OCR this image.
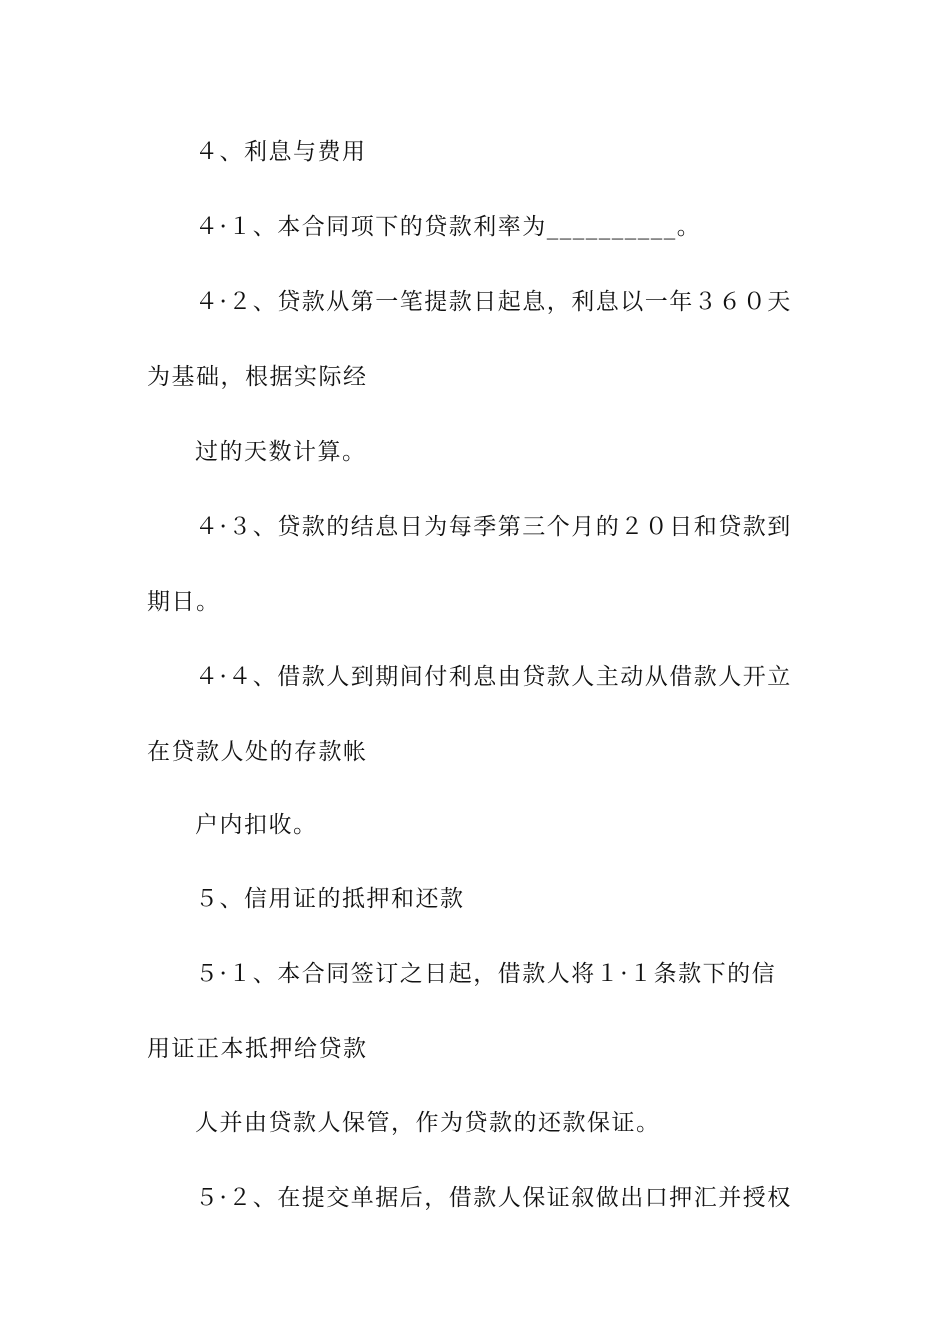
４、利息与费用
４·１、本合同项下的贷款利率为__________。
４·２、贷款从第一笔提款日起息，利息以一年３６０天
为基础，根据实际经
过的天数计算。
４·３、贷款的结息日为每季第三个月的２０日和贷款到
期日。
４·４、借款人到期间付利息由贷款人主动从借款人开立
在贷款人处的存款帐
户内扣收。
５、信用证的抵押和还款
５·１、本合同签订之日起，借款人将１·１条款下的信
用证正本抵押给贷款
人并由贷款人保管，作为贷款的还款保证。
５·２、在提交单据后，借款人保证叙做出口押汇并授权
